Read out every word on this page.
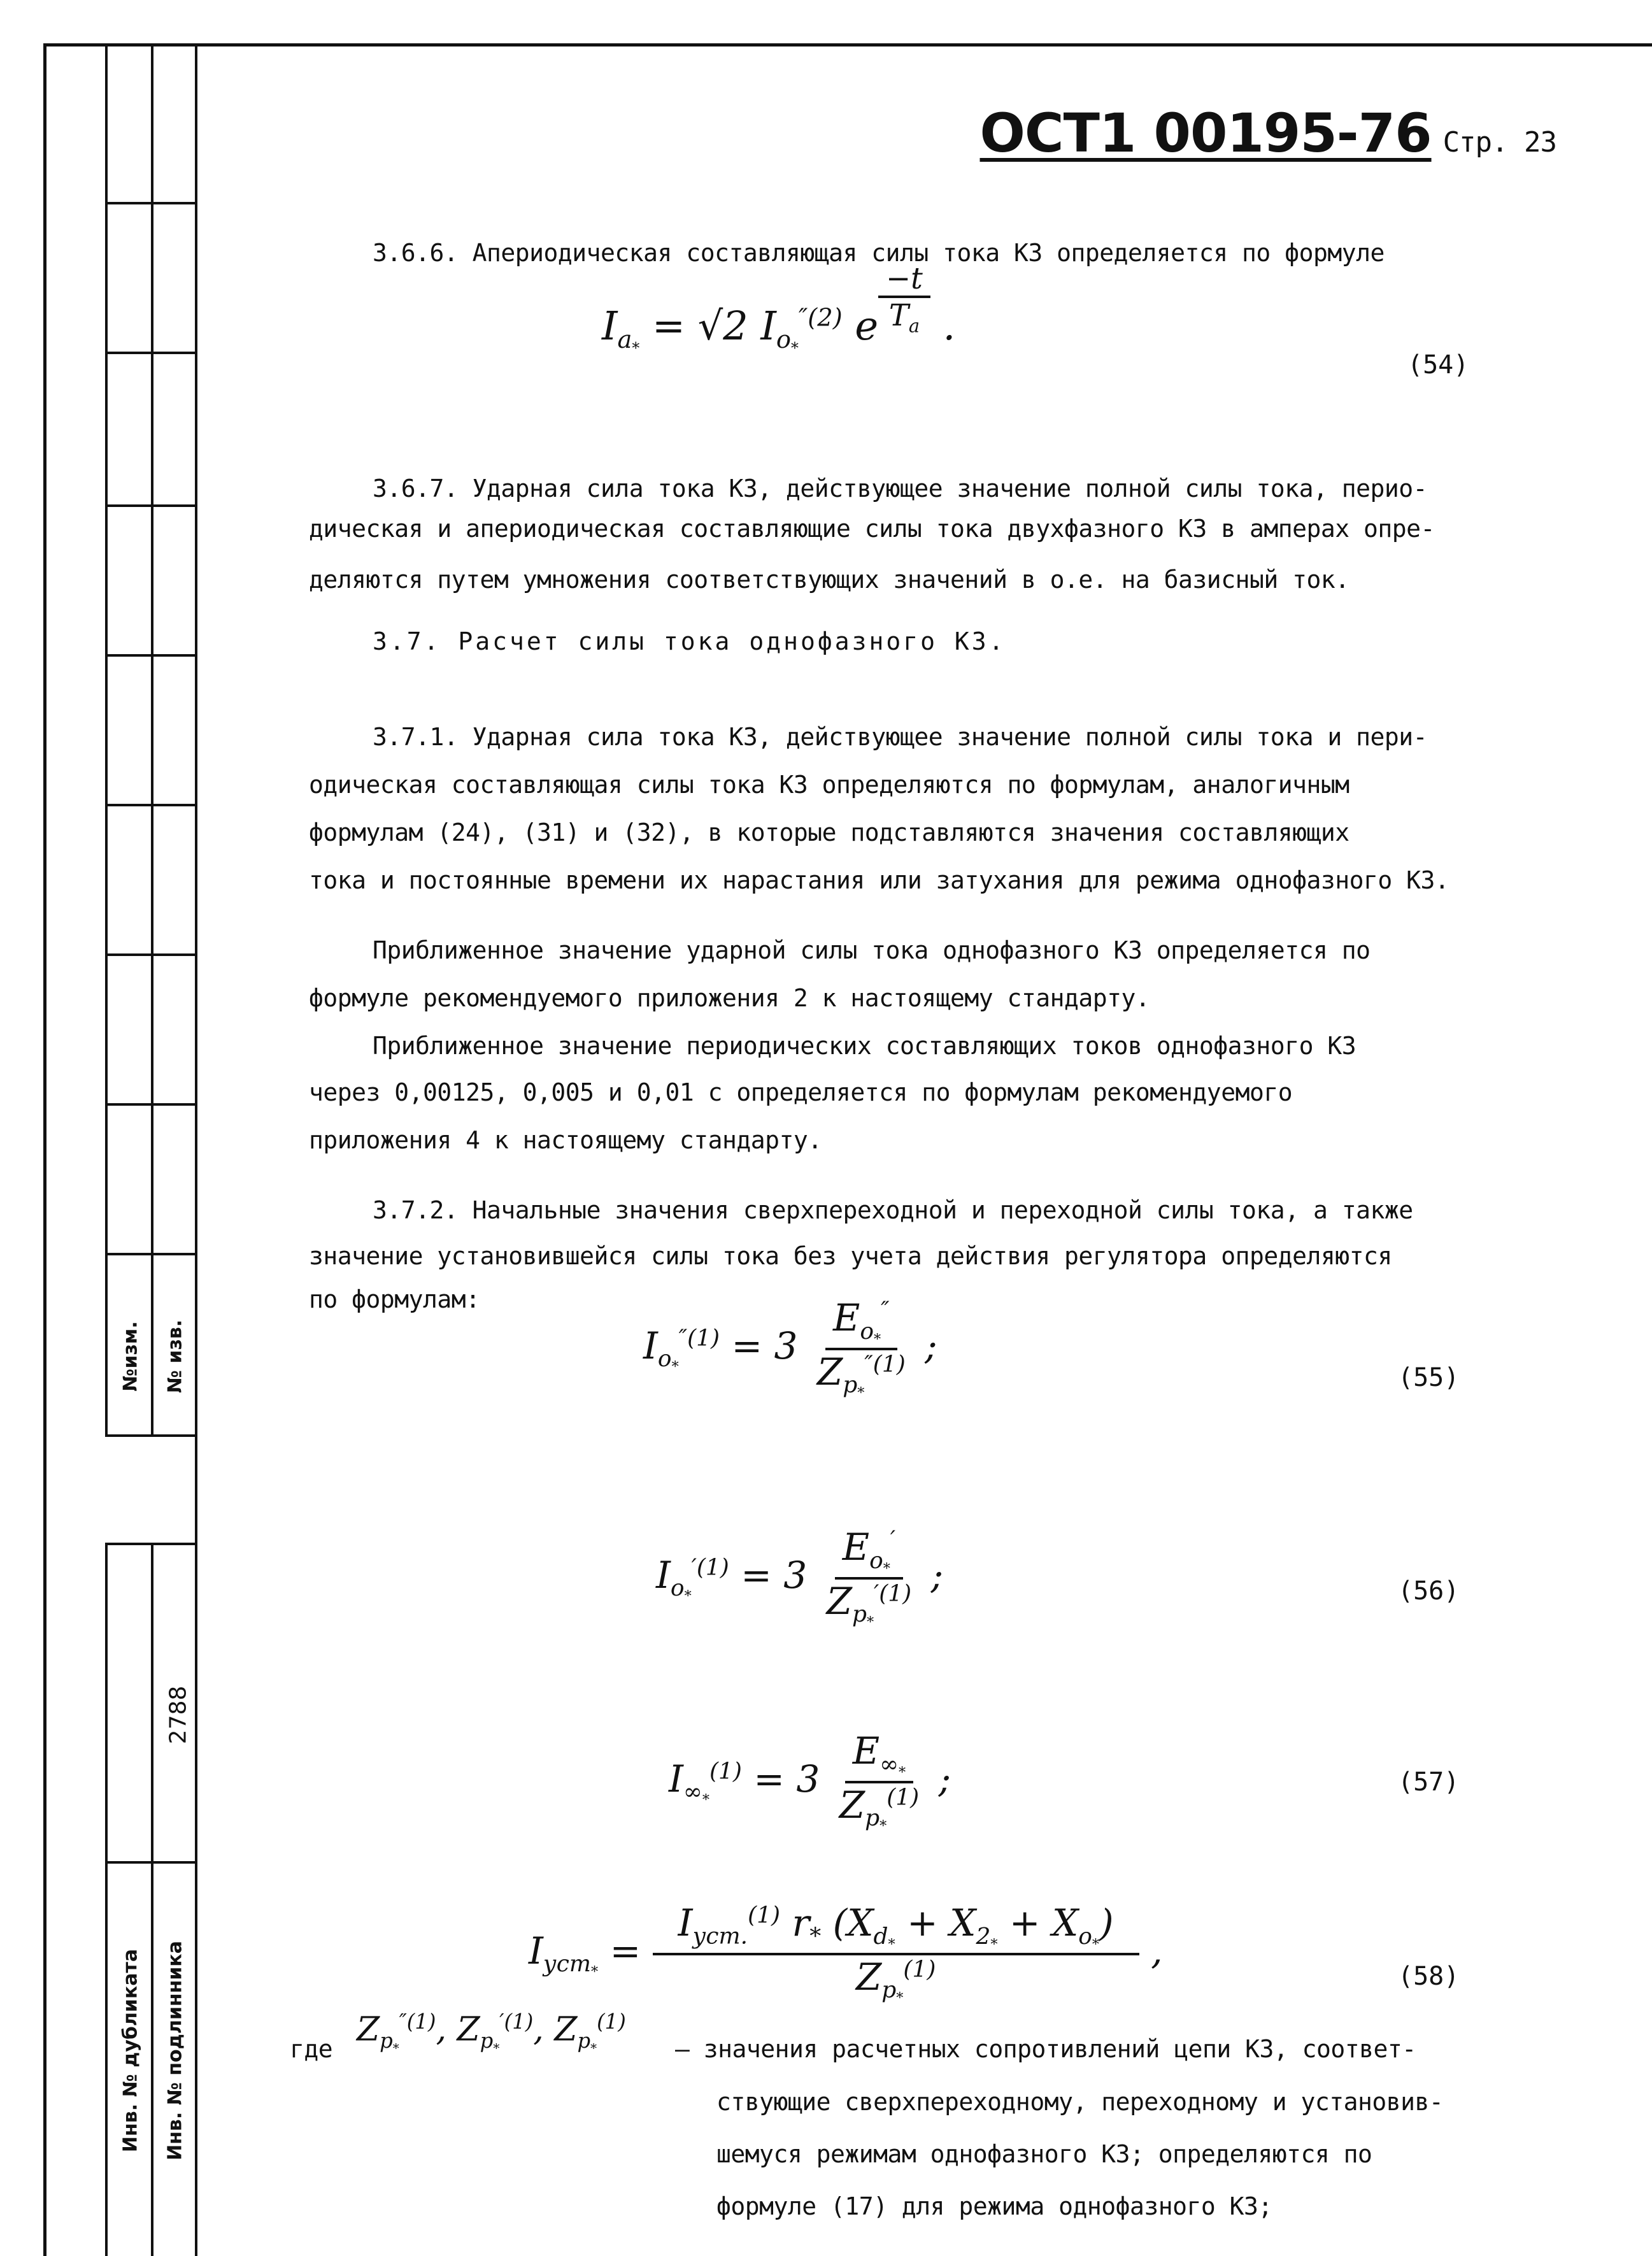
№изм. № изв.
2788
Инв. № дубликата Инв. № подлинника
ОСТ1 00195-76 Стр. 23
3.6.6. Апериодическая составляющая силы тока КЗ определяется по формуле
$I_{a_*} = √2$ $I_{o_*}^{''(2)}$ e $^{\frac{-t}{T_a}}$ .
(54)
3.6.7. Ударная сила тока КЗ, действующее значение полной силы тока, перио-
дическая и апериодическая составляющие силы тока двухфазного КЗ в амперах опре-
деляются путем умножения соответствующих значений в о.е. на базисный ток.
3.7. Расчет силы тока однофазного КЗ.
3.7.1. Ударная сила тока КЗ, действующее значение полной силы тока и пери-
одическая составляющая силы тока КЗ определяются по формулам, аналогичным
формулам (24), (31) и (32), в которые подставляются значения составляющих
тока и постоянные времени их нарастания или затухания для режима однофазного КЗ.
Приближенное значение ударной силы тока однофазного КЗ определяется по
формуле рекомендуемого приложения 2 к настоящему стандарту.
Приближенное значение периодических составляющих токов однофазного КЗ
через 0,00125, 0,005 и 0,01 с определяется по формулам рекомендуемого
приложения 4 к настоящему стандарту.
3.7.2. Начальные значения сверхпереходной и переходной силы тока, а также
значение установившейся силы тока без учета действия регулятора определяются
по формулам:
$I_{o_*}^{''(1)} = 3 \frac{E_{o_*}''}{Z_{p_*}^{''(1)}}$ ;
(55)
$I_{o_*}^{'(1)} = 3 \frac{E_{o_*}'}{Z_{p_*}^{'(1)}}$ ;	(56)
$I_{\infty_*}^{(1)} = 3 \frac{E_{\infty_*}}{Z_{p_*}^{(1)}}$ ;	(57)
$I_{уст_*} = \frac{I_{уст.}^{(1)} r_* (X_{d_*} + X_{2_*} + X_{o_*})}{Z_{p_*}^{(1)}}$ ,
(58)
где
$Z_{p_*}^{''(1)}$, $Z_{p_*}^{'(1)}$, $Z_{p_*}^{(1)}$
– значения расчетных сопротивлений цепи КЗ, соответ-
ствующие сверхпереходному, переходному и установив-
шемуся режимам однофазного КЗ; определяются по
формуле (17) для режима однофазного КЗ;
